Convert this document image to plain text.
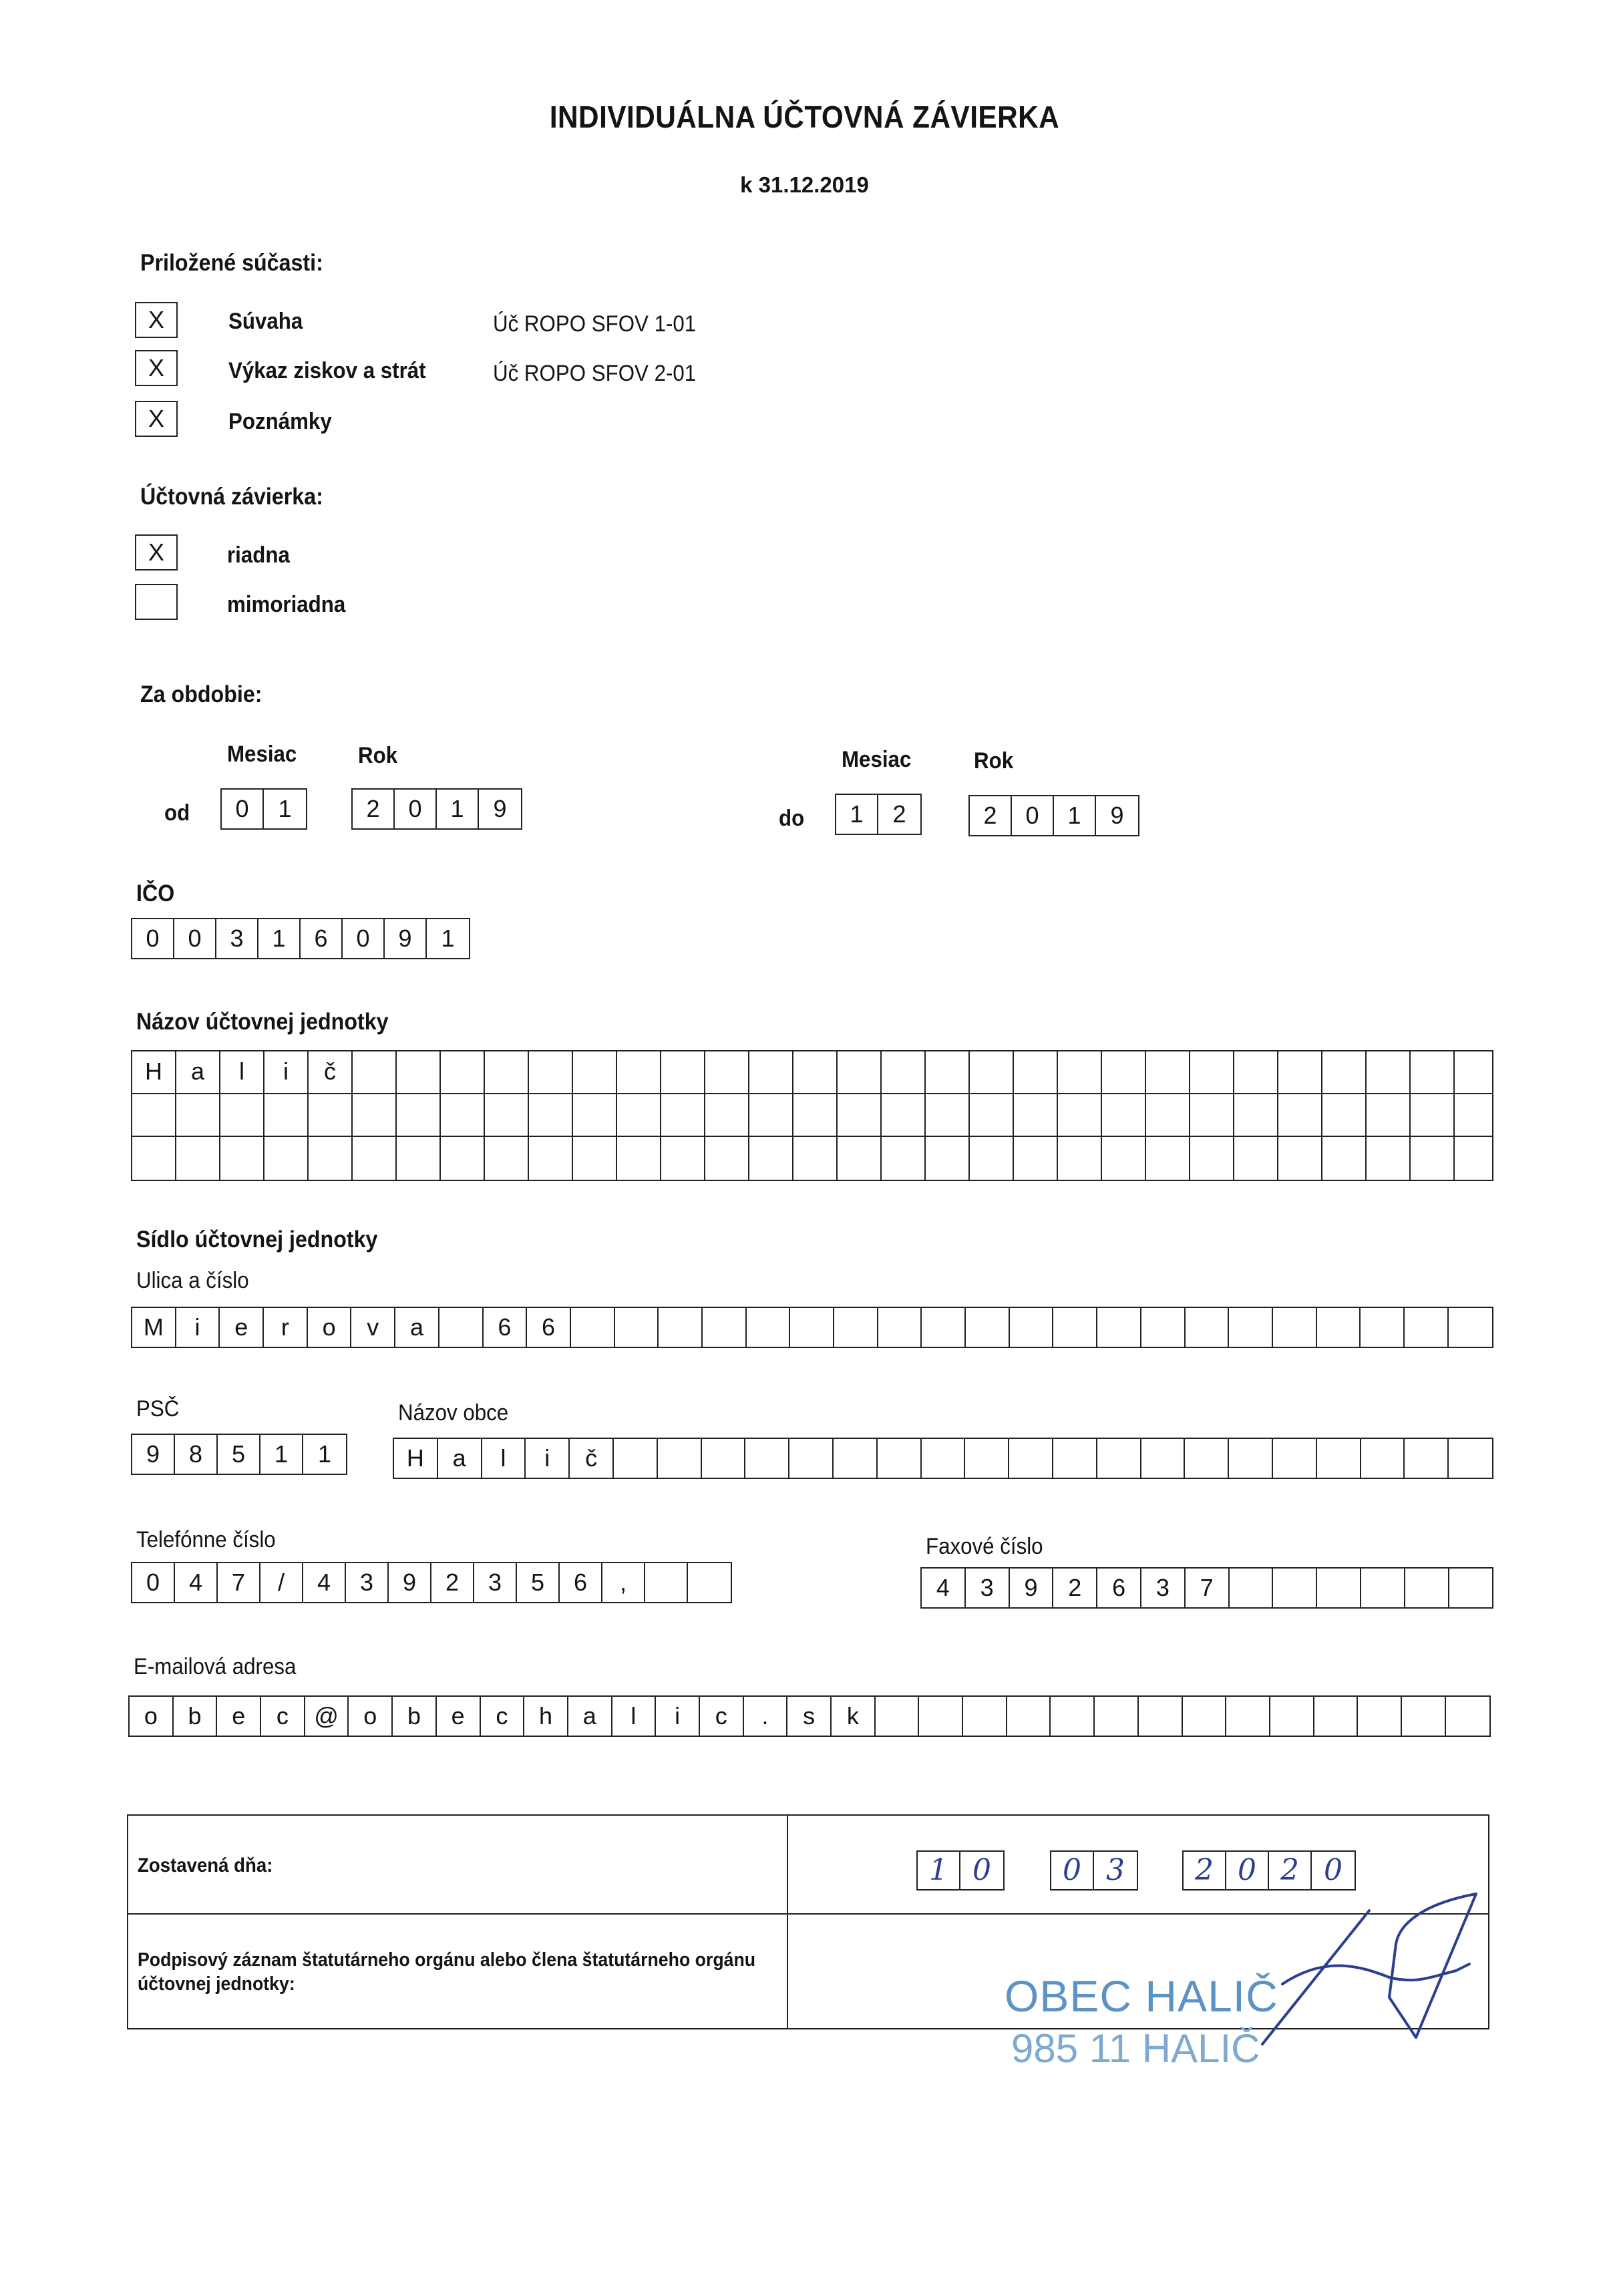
INDIVIDUÁLNA ÚČTOVNÁ ZÁVIERKA
k 31.12.2019
Priložené súčasti:
X	Súvaha	Úč ROPO SFOV 1-01
X	Výkaz ziskov a strát	Úč ROPO SFOV 2-01
X	Poznámky
Účtovná závierka:
X	riadna
mimoriadna
Za obdobie:
Mesiac	Rok
od	0	1	2	0	1	9
Mesiac	Rok
do	1	2	2	0	1	9
IČO
0	0	3	1	6	0	9	1
Názov účtovnej jednotky
H	a	l	i	č
Sídlo účtovnej jednotky
Ulica a číslo
M	i	e	r	o	v	a	6	6
PSČ	Názov obce
9	8	5	1	1	H	a	l	i	č
Telefónne číslo
0	4	7	/	4	3	9	2	3	5	6	,
Faxové číslo
4	3	9	2	6	3	7
E-mailová adresa
o	b	e	c	@	o	b	e	c	h	a	l	i	c	.	s	k
Zostavená dňa:	1 0	0 3	2 0 2 0
Podpisový záznam štatutárneho orgánu alebo člena štatutárneho orgánu
účtovnej jednotky:	OBEC HALIČ
985 11 HALIČ
